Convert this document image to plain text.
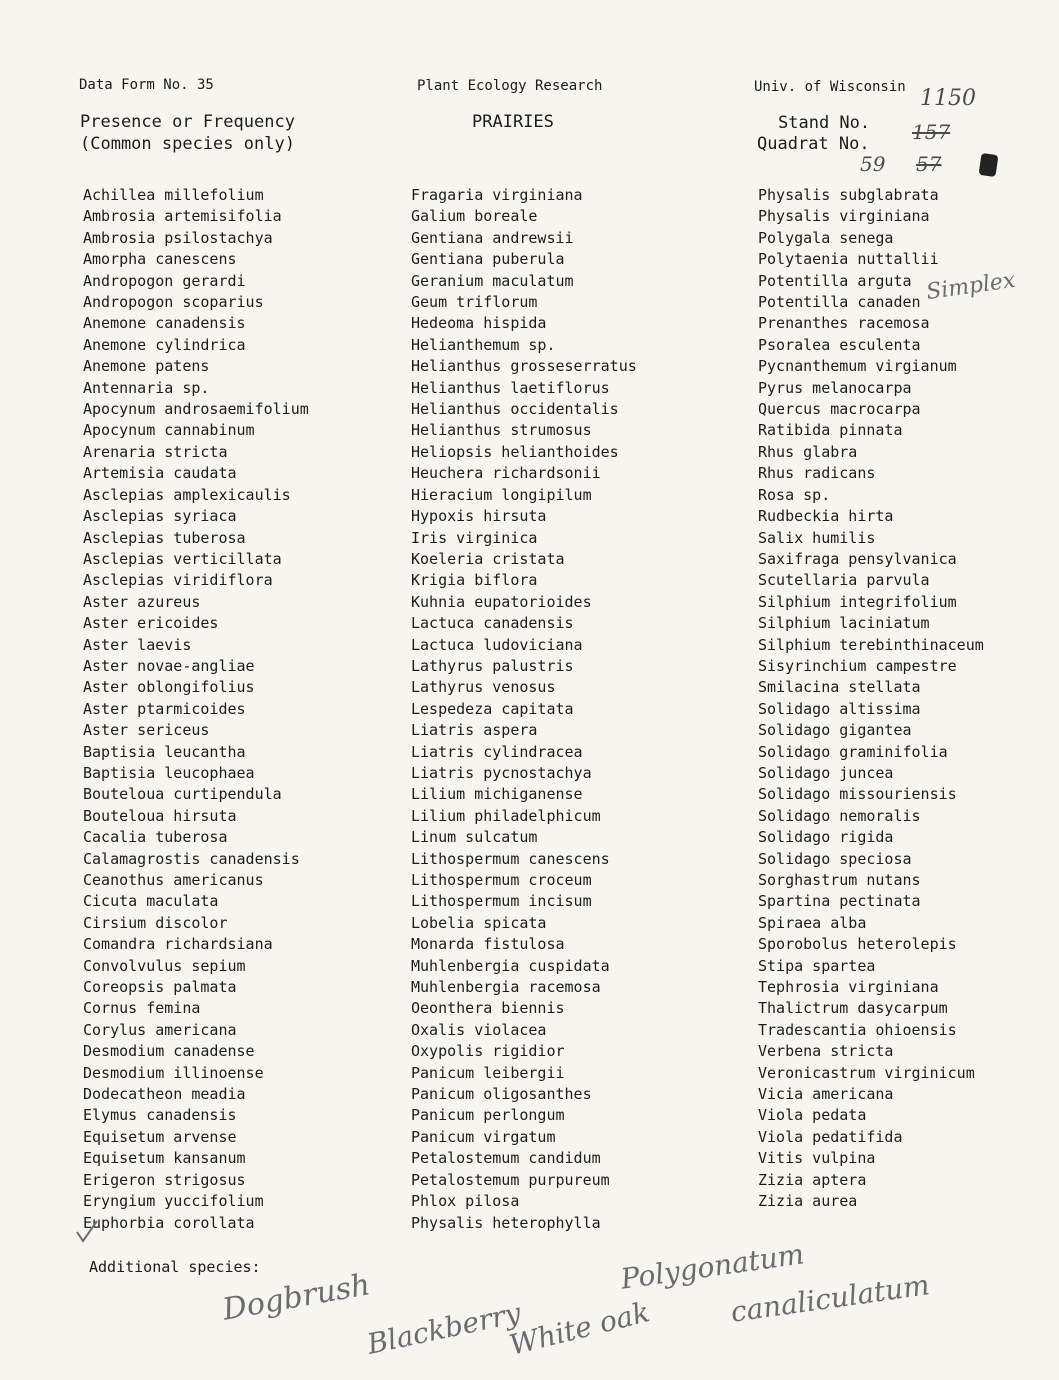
Data Form No. 35	Plant Ecology Research	Univ. of Wisconsin
Presence or Frequency
(Common species only)
PRAIRIES	Stand No.
Quadrat No.
1150
157
59 57
Achillea millefolium
Ambrosia artemisifolia
Ambrosia psilostachya
Amorpha canescens
Andropogon gerardi
Andropogon scoparius
Anemone canadensis
Anemone cylindrica
Anemone patens
Antennaria sp.
Apocynum androsaemifolium
Apocynum cannabinum
Arenaria stricta
Artemisia caudata
Asclepias amplexicaulis
Asclepias syriaca
Asclepias tuberosa
Asclepias verticillata
Asclepias viridiflora
Aster azureus
Aster ericoides
Aster laevis
Aster novae-angliae
Aster oblongifolius
Aster ptarmicoides
Aster sericeus
Baptisia leucantha
Baptisia leucophaea
Bouteloua curtipendula
Bouteloua hirsuta
Cacalia tuberosa
Calamagrostis canadensis
Ceanothus americanus
Cicuta maculata
Cirsium discolor
Comandra richardsiana
Convolvulus sepium
Coreopsis palmata
Cornus femina
Corylus americana
Desmodium canadense
Desmodium illinoense
Dodecatheon meadia
Elymus canadensis
Equisetum arvense
Equisetum kansanum
Erigeron strigosus
Eryngium yuccifolium
Euphorbia corollata
Fragaria virginiana
Galium boreale
Gentiana andrewsii
Gentiana puberula
Geranium maculatum
Geum triflorum
Hedeoma hispida
Helianthemum sp.
Helianthus grosseserratus
Helianthus laetiflorus
Helianthus occidentalis
Helianthus strumosus
Heliopsis helianthoides
Heuchera richardsonii
Hieracium longipilum
Hypoxis hirsuta
Iris virginica
Koeleria cristata
Krigia biflora
Kuhnia eupatorioides
Lactuca canadensis
Lactuca ludoviciana
Lathyrus palustris
Lathyrus venosus
Lespedeza capitata
Liatris aspera
Liatris cylindracea
Liatris pycnostachya
Lilium michiganense
Lilium philadelphicum
Linum sulcatum
Lithospermum canescens
Lithospermum croceum
Lithospermum incisum
Lobelia spicata
Monarda fistulosa
Muhlenbergia cuspidata
Muhlenbergia racemosa
Oeonthera biennis
Oxalis violacea
Oxypolis rigidior
Panicum leibergii
Panicum oligosanthes
Panicum perlongum
Panicum virgatum
Petalostemum candidum
Petalostemum purpureum
Phlox pilosa
Physalis heterophylla
Physalis subglabrata
Physalis virginiana
Polygala senega
Polytaenia nuttallii
Potentilla arguta
Potentilla canaden
Prenanthes racemosa
Psoralea esculenta
Pycnanthemum virgianum
Pyrus melanocarpa
Quercus macrocarpa
Ratibida pinnata
Rhus glabra
Rhus radicans
Rosa sp.
Rudbeckia hirta
Salix humilis
Saxifraga pensylvanica
Scutellaria parvula
Silphium integrifolium
Silphium laciniatum
Silphium terebinthinaceum
Sisyrinchium campestre
Smilacina stellata
Solidago altissima
Solidago gigantea
Solidago graminifolia
Solidago juncea
Solidago missouriensis
Solidago nemoralis
Solidago rigida
Solidago speciosa
Sorghastrum nutans
Spartina pectinata
Spiraea alba
Sporobolus heterolepis
Stipa spartea
Tephrosia virginiana
Thalictrum dasycarpum
Tradescantia ohioensis
Verbena stricta
Veronicastrum virginicum
Vicia americana
Viola pedata
Viola pedatifida
Vitis vulpina
Zizia aptera
Zizia aurea
Simplex
Additional species:
Dogbrush
Blackberry
White oak
Polygonatum
canaliculatum
